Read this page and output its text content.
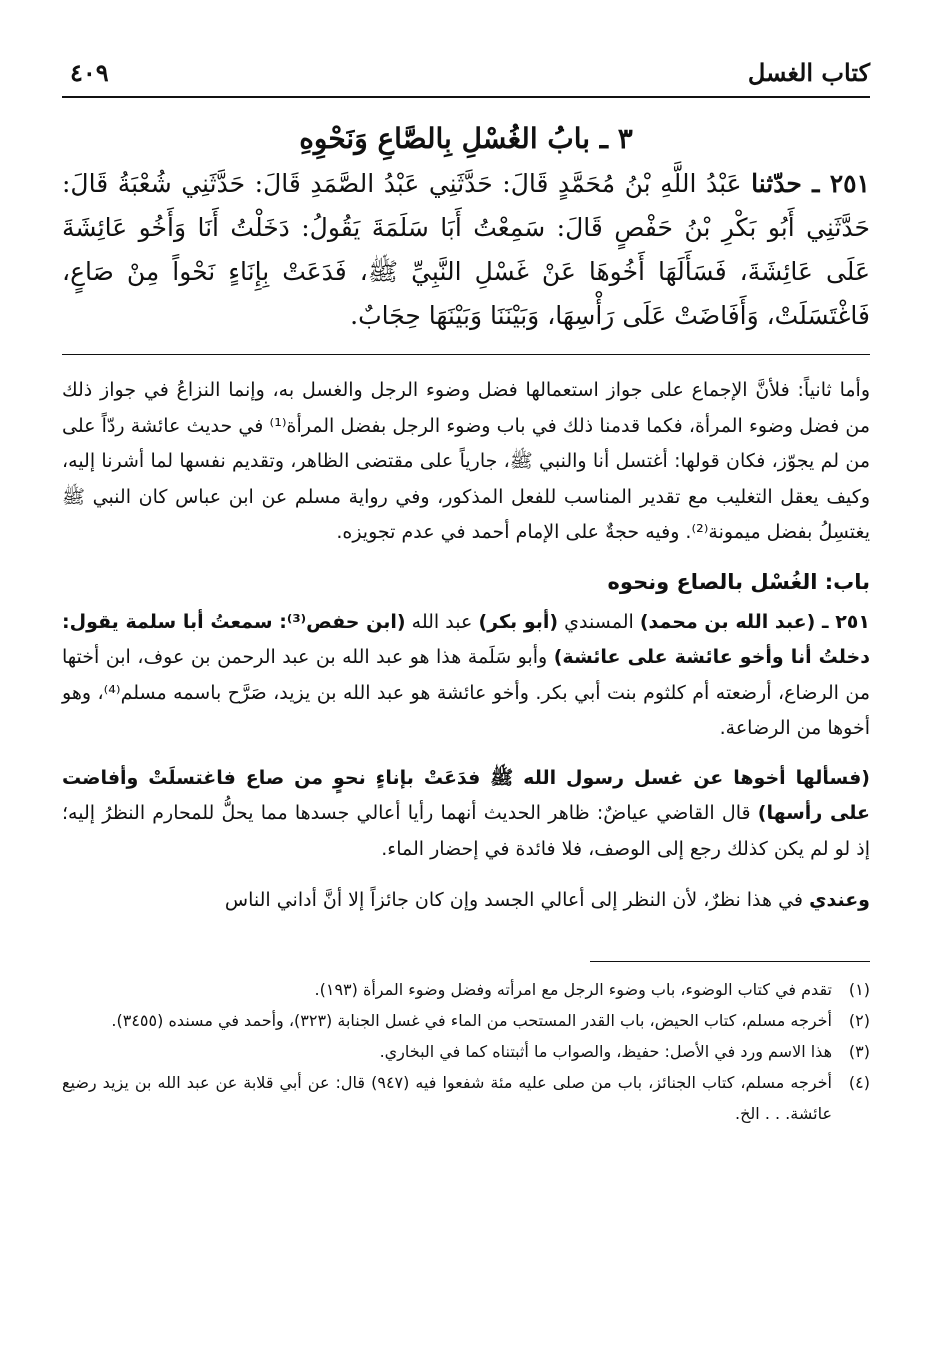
كتاب الغسل
٤٠٩
٣ ـ بابُ الغُسْلِ بِالصَّاعِ وَنَحْوِهِ

٢٥١ ـ حدّثنا عَبْدُ اللَّهِ بْنُ مُحَمَّدٍ قَالَ: حَدَّثَنِي عَبْدُ الصَّمَدِ قَالَ: حَدَّثَنِي شُعْبَةُ قَالَ: حَدَّثَنِي أَبُو بَكْرِ بْنُ حَفْصٍ قَالَ: سَمِعْتُ أَبَا سَلَمَةَ يَقُولُ: دَخَلْتُ أَنَا وَأَخُو عَائِشَةَ عَلَى عَائِشَةَ، فَسَأَلَهَا أَخُوهَا عَنْ غَسْلِ النَّبِيِّ ﷺ، فَدَعَتْ بِإِنَاءٍ نَحْواً مِنْ صَاعٍ، فَاغْتَسَلَتْ، وَأَفَاضَتْ عَلَى رَأْسِهَا، وَبَيْنَنَا وَبَيْنَهَا حِجَابٌ.

وأما ثانياً: فلأنَّ الإجماع على جواز استعمالها فضل وضوء الرجل والغسل به، وإنما النزاعُ في جواز ذلك من فضل وضوء المرأة، فكما قدمنا ذلك في باب وضوء الرجل بفضل المرأة⁽¹⁾ في حديث عائشة ردّاً على من لم يجوّز، فكان قولها: أغتسل أنا والنبي ﷺ، جارياً على مقتضى الظاهر، وتقديم نفسها لما أشرنا إليه، وكيف يعقل التغليب مع تقدير المناسب للفعل المذكور، وفي رواية مسلم عن ابن عباس كان النبي ﷺ يغتسِلُ بفضل ميمونة⁽²⁾. وفيه حجةٌ على الإمام أحمد في عدم تجويزه.

باب: الغُسْل بالصاع ونحوه

٢٥١ ـ (عبد الله بن محمد) المسندي (أبو بكر) عبد الله (ابن حفص⁽³⁾: سمعتُ أبا سلمة يقول: دخلتُ أنا وأخو عائشة على عائشة) وأبو سَلَمة هذا هو عبد الله بن عبد الرحمن بن عوف، ابن أختها من الرضاع، أرضعته أم كلثوم بنت أبي بكر. وأخو عائشة هو عبد الله بن يزيد، صَرَّح باسمه مسلم⁽⁴⁾، وهو أخوها من الرضاعة.

(فسألها أخوها عن غسل رسول الله ﷺ فدَعَتْ بإناءٍ نحوٍ من صاع فاغتسلَتْ وأفاضت على رأسها) قال القاضي عياضٌ: ظاهر الحديث أنهما رأيا أعالي جسدها مما يحلُّ للمحارم النظرُ إليه؛ إذ لو لم يكن كذلك رجع إلى الوصف، فلا فائدة في إحضار الماء.

وعندي في هذا نظرٌ، لأن النظر إلى أعالي الجسد وإن كان جائزاً إلا أنَّ أداني الناس

(١)
تقدم في كتاب الوضوء، باب وضوء الرجل مع امرأته وفضل وضوء المرأة (١٩٣).
(٢)
أخرجه مسلم، كتاب الحيض، باب القدر المستحب من الماء في غسل الجنابة (٣٢٣)، وأحمد في مسنده (٣٤٥٥).
(٣)
هذا الاسم ورد في الأصل: حفيظ، والصواب ما أثبتناه كما في البخاري.
(٤)
أخرجه مسلم، كتاب الجنائز، باب من صلى عليه مئة شفعوا فيه (٩٤٧) قال: عن أبي قلابة عن عبد الله بن يزيد رضيع عائشة. . . الخ.
